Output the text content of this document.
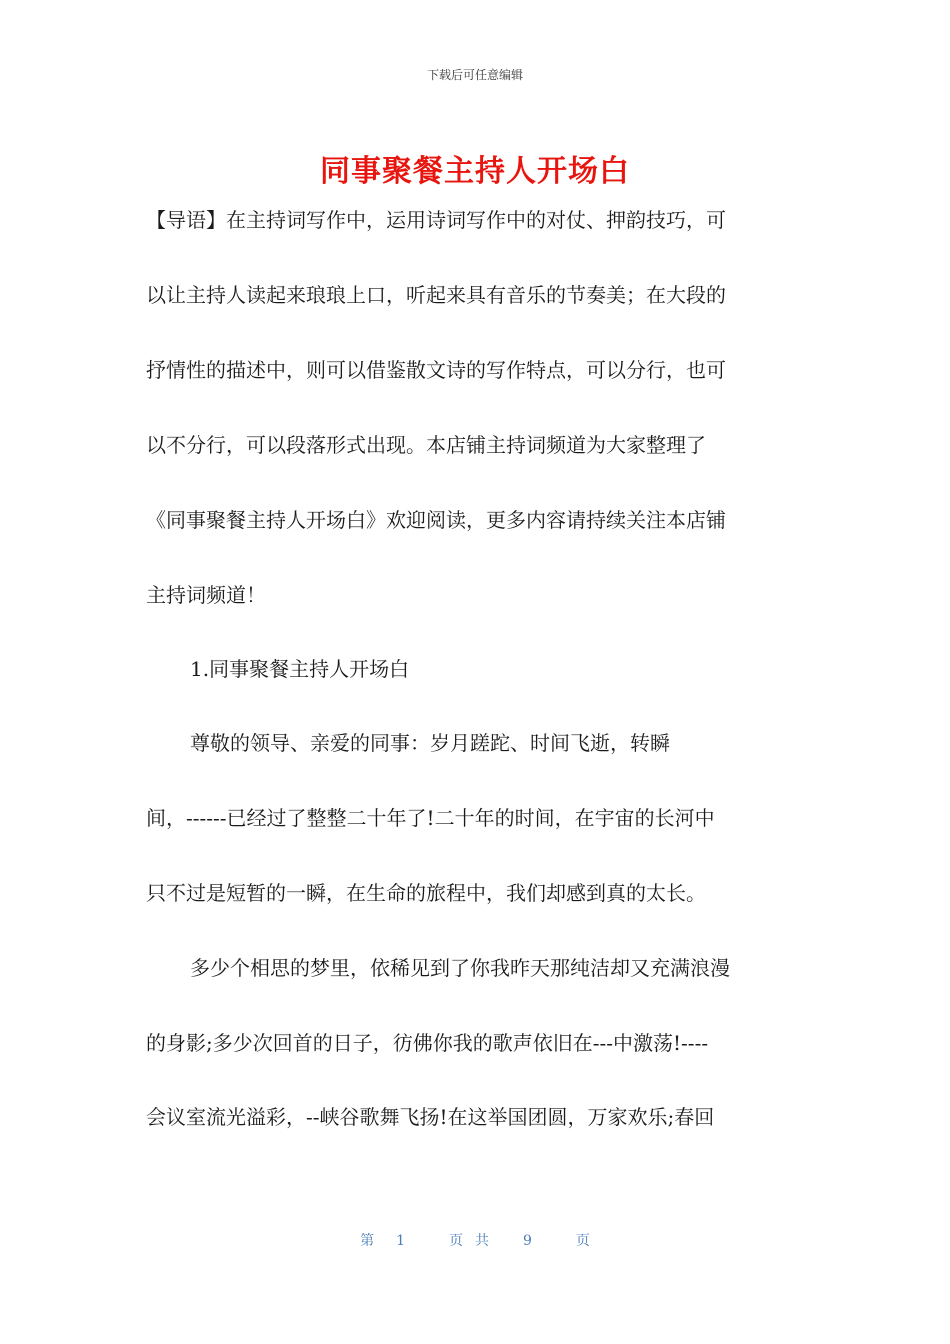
下载后可任意编辑
同事聚餐主持人开场白
【导语】在主持词写作中，运用诗词写作中的对仗、押韵技巧，可
以让主持人读起来琅琅上口，听起来具有音乐的节奏美；在大段的
抒情性的描述中，则可以借鉴散文诗的写作特点，可以分行，也可
以不分行，可以段落形式出现。本店铺主持词频道为大家整理了
《同事聚餐主持人开场白》欢迎阅读，更多内容请持续关注本店铺
主持词频道！
1.同事聚餐主持人开场白
尊敬的领导、亲爱的同事：岁月蹉跎、时间飞逝，转瞬
间，------已经过了整整二十年了!二十年的时间，在宇宙的长河中
只不过是短暂的一瞬，在生命的旅程中，我们却感到真的太长。
多少个相思的梦里，依稀见到了你我昨天那纯洁却又充满浪漫
的身影;多少次回首的日子，彷佛你我的歌声依旧在---中激荡!----
会议室流光溢彩，--峡谷歌舞飞扬!在这举国团圆，万家欢乐;春回
第 1	页共 9	页
